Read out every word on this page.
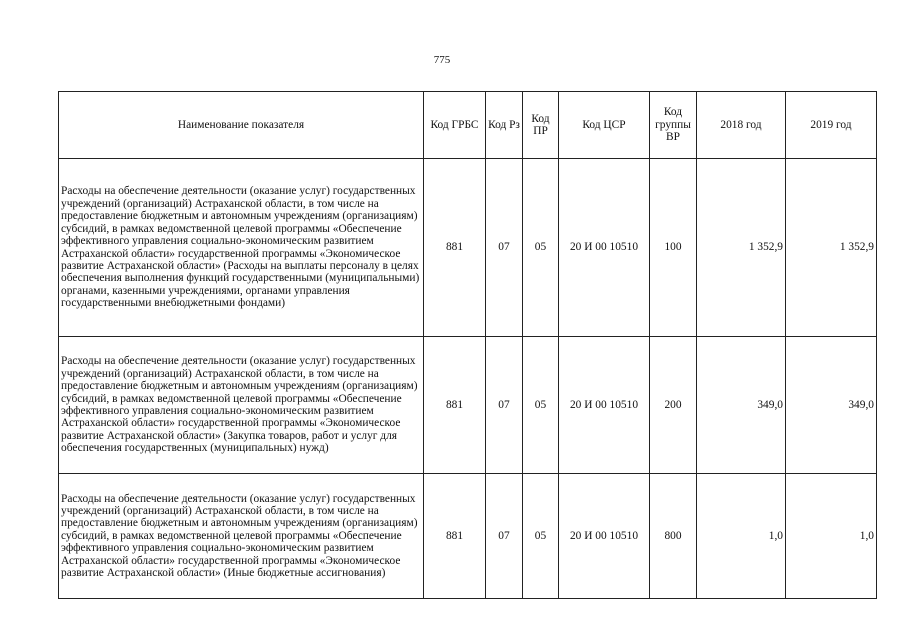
775
Наименование показателя	Код ГРБС	Код Рз	Код ПР	Код ЦСР	Код группы ВР	2018 год	2019 год
Расходы на обеспечение деятельности (оказание услуг) государственных учреждений (организаций) Астраханской области, в том числе на предоставление бюджетным и автономным учреждениям (организациям) субсидий, в рамках ведомственной целевой программы «Обеспечение эффективного управления социально-экономическим развитием Астраханской области» государственной программы «Экономическое развитие Астраханской области» (Расходы на выплаты персоналу в целях обеспечения выполнения функций государственными (муниципальными) органами, казенными учреждениями, органами управления государственными внебюджетными фондами)	881	07	05	20 И 00 10510	100	1 352,9	1 352,9
Расходы на обеспечение деятельности (оказание услуг) государственных учреждений (организаций) Астраханской области, в том числе на предоставление бюджетным и автономным учреждениям (организациям) субсидий, в рамках ведомственной целевой программы «Обеспечение эффективного управления социально-экономическим развитием Астраханской области» государственной программы «Экономическое развитие Астраханской области» (Закупка товаров, работ и услуг для обеспечения государственных (муниципальных) нужд)	881	07	05	20 И 00 10510	200	349,0	349,0
Расходы на обеспечение деятельности (оказание услуг) государственных учреждений (организаций) Астраханской области, в том числе на предоставление бюджетным и автономным учреждениям (организациям) субсидий, в рамках ведомственной целевой программы «Обеспечение эффективного управления социально-экономическим развитием Астраханской области» государственной программы «Экономическое развитие Астраханской области» (Иные бюджетные ассигнования)	881	07	05	20 И 00 10510	800	1,0	1,0
